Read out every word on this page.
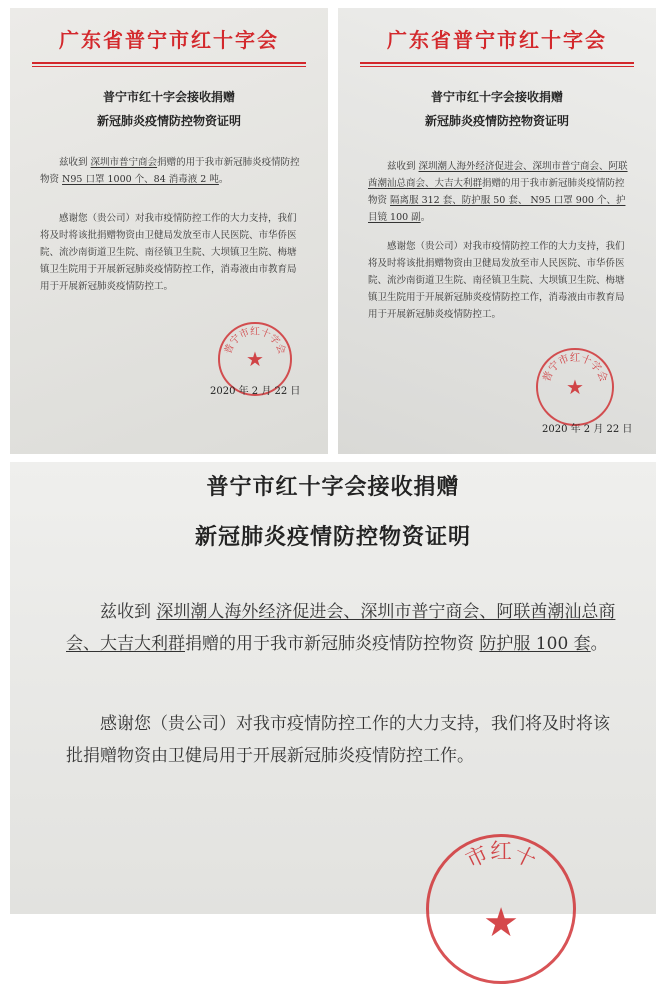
广东省普宁市红十字会
普宁市红十字会接收捐赠
新冠肺炎疫情防控物资证明
兹收到 深圳市普宁商会捐赠的用于我市新冠肺炎疫情防控物资 N95 口罩 1000 个、84 消毒液 2 吨。
感谢您（贵公司）对我市疫情防控工作的大力支持，我们将及时将该批捐赠物资由卫健局发放至市人民医院、市华侨医院、流沙南街道卫生院、南径镇卫生院、大坝镇卫生院、梅塘镇卫生院用于开展新冠肺炎疫情防控工作，消毒液由市教育局用于开展新冠肺炎疫情防控工。
普宁市红十字会
★
2020 年 2 月 22 日
广东省普宁市红十字会
普宁市红十字会接收捐赠
新冠肺炎疫情防控物资证明
兹收到 深圳潮人海外经济促进会、深圳市普宁商会、阿联酋潮汕总商会、大吉大利群捐赠的用于我市新冠肺炎疫情防控物资 隔离服 312 套、防护服 50 套、 N95 口罩 900 个、护目镜 100 副。
感谢您（贵公司）对我市疫情防控工作的大力支持，我们将及时将该批捐赠物资由卫健局发放至市人民医院、市华侨医院、流沙南街道卫生院、南径镇卫生院、大坝镇卫生院、梅塘镇卫生院用于开展新冠肺炎疫情防控工作，消毒液由市教育局用于开展新冠肺炎疫情防控工。
普宁市红十字会
★
2020 年 2 月 22 日
普宁市红十字会接收捐赠
新冠肺炎疫情防控物资证明
兹收到 深圳潮人海外经济促进会、深圳市普宁商会、阿联酋潮汕总商会、大吉大利群捐赠的用于我市新冠肺炎疫情防控物资 防护服 100 套。
感谢您（贵公司）对我市疫情防控工作的大力支持，我们将及时将该批捐赠物资由卫健局用于开展新冠肺炎疫情防控工作。
市红十
★
